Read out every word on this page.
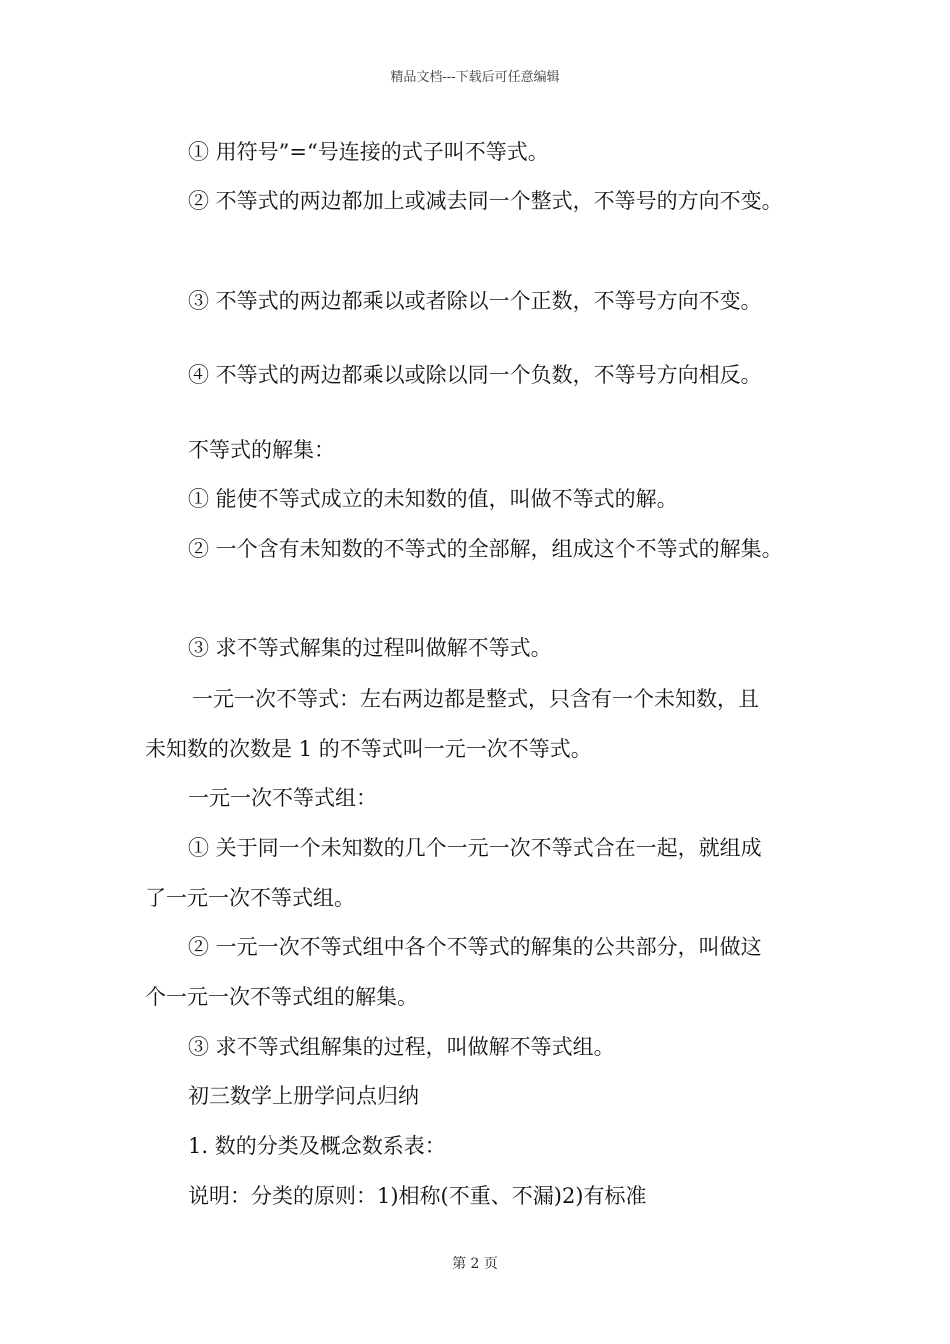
精品文档---下载后可任意编辑
① 用符号”=“号连接的式子叫不等式。
② 不等式的两边都加上或减去同一个整式，不等号的方向不变。
③ 不等式的两边都乘以或者除以一个正数，不等号方向不变。
④ 不等式的两边都乘以或除以同一个负数，不等号方向相反。
不等式的解集：
① 能使不等式成立的未知数的值，叫做不等式的解。
② 一个含有未知数的不等式的全部解，组成这个不等式的解集。
③ 求不等式解集的过程叫做解不等式。
一元一次不等式：左右两边都是整式，只含有一个未知数，且
未知数的次数是 1 的不等式叫一元一次不等式。
一元一次不等式组：
① 关于同一个未知数的几个一元一次不等式合在一起，就组成
了一元一次不等式组。
② 一元一次不等式组中各个不等式的解集的公共部分，叫做这
个一元一次不等式组的解集。
③ 求不等式组解集的过程，叫做解不等式组。
初三数学上册学问点归纳
1. 数的分类及概念数系表：
说明：分类的原则：1)相称(不重、不漏)2)有标准
第 2 页
